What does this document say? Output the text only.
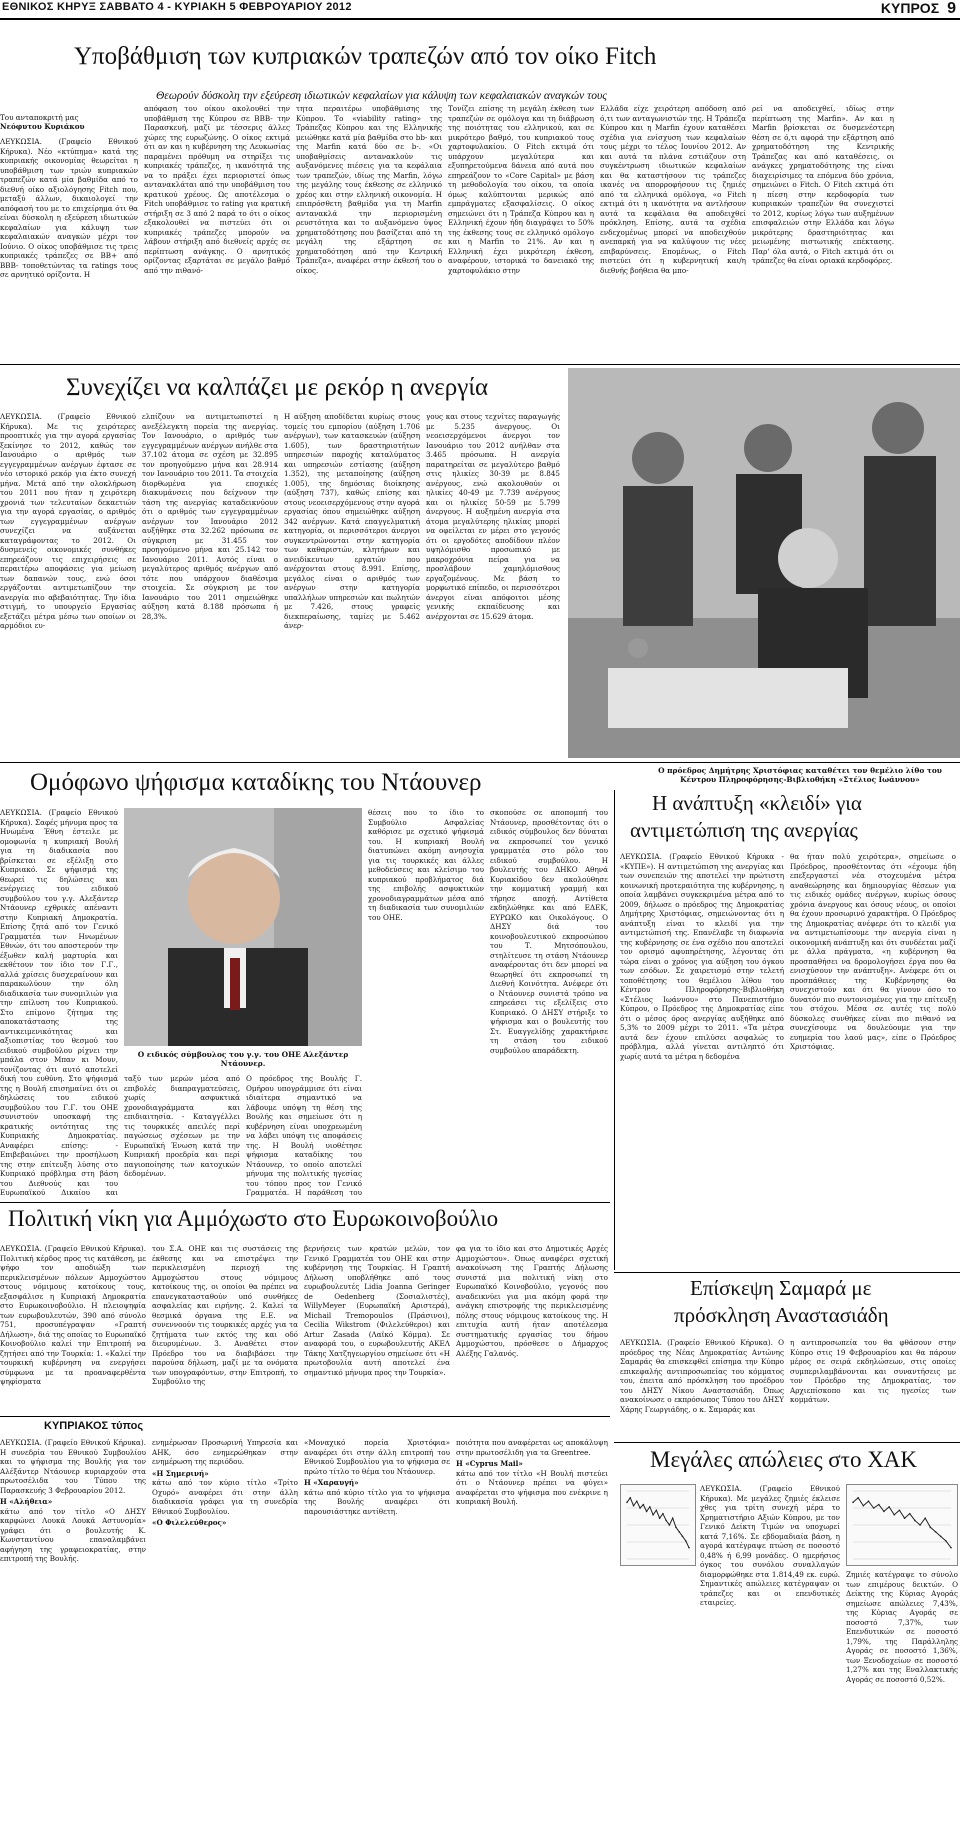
ΕΘΝΙΚΟΣ ΚΗΡΥΞ ΣΑΒΒΑΤΟ 4 - ΚΥΡΙΑΚΗ 5 ΦΕΒΡΟΥΑΡΙΟΥ 2012	ΚΥΠΡΟΣ 9
Υποβάθμιση των κυπριακών τραπεζών από τον οίκο Fitch
Θεωρούν δύσκολη την εξεύρεση ιδιωτικών κεφαλαίων για κάλυψη των κεφαλαιακών αναγκών τους
Του ανταποκριτή μας
Νεόφυτου Κυριάκου
ΛΕΥΚΩΣΙΑ. (Γραφείο Εθνικού Κήρυκα). Νέο «κτύπημα» κατά της κυπριακής οικονομίας θεωρείται η υποβάθμιση των τριών κυπριακών τραπεζών κατά μία βαθμίδα από το διεθνή οίκο αξιολόγησης Fitch που, μεταξύ άλλων, δικαιολογεί την απόφασή του με το επιχείρημα ότι θα είναι δύσκολη η εξεύρεση ιδιωτικών κεφαλαίων για κάλυψη των κεφαλαιακών αναγκών μέχρι τον Ιούνιο. Ο οίκος υποβάθμισε τις τρεις κυπριακές τράπεζες σε BB+ από BBB- τοποθετώντας τα ratings τους σε αρνητικό ορίζοντα. Η
απόφαση του οίκου ακολουθεί την υποβάθμιση της Κύπρου σε BBB- την Παρασκευή, μαζί με τέσσερις άλλες χώρες της ευρωζώνης. Ο οίκος εκτιμά ότι αν και η κυβέρνηση της Λευκωσίας παραμένει πρόθυμη να στηρίξει τις κυπριακές τράπεζες, η ικανότητά της να το πράξει έχει περιοριστεί όπως αντανακλάται από την υποβάθμιση του κρατικού χρέους. Ως αποτέλεσμα ο Fitch υποβάθμισε το rating για κρατική στήριξη σε 3 από 2 παρά το ότι ο οίκος εξακολουθεί να πιστεύει ότι οι κυπριακές τράπεζες μπορούν να λάβουν στήριξη από διεθνείς αρχές σε περίπτωση ανάγκης. Ο αρνητικός ορίζοντας εξαρτάται σε μεγάλο βαθμό από την πιθανό-
τητα περαιτέρω υποβάθμισης της Κύπρου. Το «viability rating» της Τράπεζας Κύπρου και της Ελληνικής μειώθηκε κατά μία βαθμίδα στο bb- και της Marfin κατά δύο σε b-. «Οι υποβαθμίσεις αντανακλούν τις αυξανόμενες πιέσεις για τα κεφάλαια των τραπεζών, ιδίως της Marfin, λόγω της μεγάλης τους έκθεσης σε ελληνικό χρέος και στην ελληνική οικονομία. Η επιπρόσθετη βαθμίδα για τη Marfin αντανακλά την περιορισμένη ρευστότητα και το αυξανόμενο ύψος χρηματοδότησης που βασίζεται από τη μεγάλη της εξάρτηση σε χρηματοδότηση από την Κεντρική Τράπεζα», αναφέρει στην έκθεσή του ο οίκος.
Τονίζει επίσης τη μεγάλη έκθεση των τραπεζών σε ομόλογα και τη διάβρωση της ποιότητας του ελληνικού, και σε μικρότερο βαθμό, του κυπριακού τους χαρτοφυλακίου. Ο Fitch εκτιμά ότι υπάρχουν μεγαλύτερα και εξυπηρετούμενα δάνεια από αυτά που επηρεάζουν το «Core Capital» με βάση τη μεθοδολογία του οίκου, τα οποία όμως καλύπτονται μερικώς από εμπράγματες εξασφαλίσεις. Ο οίκος σημειώνει ότι η Τράπεζα Κύπρου και η Ελληνική έχουν ήδη διαγράψει το 50% της έκθεσης τους σε ελληνικό ομόλογο και η Marfin το 21%. Αν και η Ελληνική έχει μικρότερη έκθεση, αναφέρουν, ιστορικά το δανειακό της χαρτοφυλάκιο στην
Ελλάδα είχε χειρότερη απόδοση από ό,τι των ανταγωνιστών της. Η Τράπεζα Κύπρου και η Marfin έχουν καταθέσει σχέδια για ενίσχυση των κεφαλαίων τους μέχρι το τέλος Ιουνίου 2012. Αν και αυτά τα πλάνα εστιάζουν στη συγκέντρωση ιδιωτικών κεφαλαίων και θα καταστήσουν τις τράπεζες ικανές να απορροφήσουν τις ζημιές από τα ελληνικά ομόλογα, «ο Fitch εκτιμά ότι η ικανότητα να αντλήσουν αυτά τα κεφάλαια θα αποδειχθεί πρόκληση. Επίσης, αυτά τα σχέδια ενδεχομένως μπορεί να αποδειχθούν ανεπαρκή για να καλύψουν τις νέες επιβαρύνσεις. Επομένως, ο Fitch πιστεύει ότι η κυβερνητική και/η διεθνής βοήθεια θα μπο-
ρεί να αποδειχθεί, ιδίως στην περίπτωση της Marfin». Αν και η Marfin βρίσκεται σε δυσμενέστερη θέση σε ό,τι αφορά την εξάρτηση από χρηματοδότηση της Κεντρικής Τράπεζας και από καταθέσεις, οι ανάγκες χρηματοδότησης της είναι διαχειρίσιμες τα επόμενα δύο χρόνια, σημειώνει ο Fitch. Ο Fitch εκτιμά ότι η πίεση στην κερδοφορία των κυπριακών τραπεζών θα συνεχιστεί το 2012, κυρίως λόγω των αυξημένων επισφαλειών στην Ελλάδα και λόγω μικρότερης δραστηριότητας και μειωμένης πιστωτικής επέκτασης. Παρ' όλα αυτά, ο Fitch εκτιμά ότι οι τράπεζες θα είναι οριακά κερδοφόρες.
Συνεχίζει να καλπάζει με ρεκόρ η ανεργία
ΛΕΥΚΩΣΙΑ. (Γραφείο Εθνικού Κήρυκα). Με τις χειρότερες προοπτικές για την αγορά εργασίας ξεκίνησε το 2012, καθώς τον Ιανουάριο ο αριθμός των εγγεγραμμένων ανέργων έφτασε σε νέο ιστορικό ρεκόρ για έκτο συνεχή μήνα. Μετά από την ολοκλήρωση του 2011 που ήταν η χειρότερη χρονιά των τελευταίων δεκαετιών για την αγορά εργασίας, ο αριθμός των εγγεγραμμένων ανέργων συνεχίζει να αυξάνεται καταγράφοντας το 2012. Οι δυσμενείς οικονομικές συνθήκες επηρεάζουν τις επιχειρήσεις σε περαιτέρω αποφάσεις για μείωση των δαπανών τους, ενώ όσοι εργάζονται αντιμετωπίζουν την ανεργία πιο αβεβαιότητας. Την ίδια στιγμή, το υπουργείο Εργασίας εξετάζει μέτρα μέσω των οποίων οι αρμόδιοι ευ-
ελπίζουν να αντιμετωπιστεί η ανεξέλεγκτη πορεία της ανεργίας. Τον Ιανουάριο, ο αριθμός των εγγεγραμμένων ανέργων ανήλθε στα 37.102 άτομα σε σχέση με 32.895 τον προηγούμενο μήνα και 28.914 τον Ιανουάριο του 2011. Τα στοιχεία διορθωμένα για εποχικές διακυμάνσεις που δείχνουν την τάση της ανεργίας καταδεικνύουν ότι ο αριθμός των εγγεγραμμένων ανέργων τον Ιανουάριο 2012 αυξήθηκε στα 32.262 πρόσωπα σε σύγκριση με 31.455 τον προηγούμενο μήνα και 25.142 τον Ιανουάριο 2011. Αυτός είναι ο μεγαλύτερος αριθμός ανέργων από τότε που υπάρχουν διαθέσιμα στοιχεία. Σε σύγκριση με τον Ιανουάριο του 2011 σημειώθηκε αύξηση κατά 8.188 πρόσωπα ή 28,3%.
Η αύξηση αποδίδεται κυρίως στους τομείς του εμπορίου (αύξηση 1.706 ανέργων), των κατασκευών (αύξηση 1.605), των δραστηριοτήτων υπηρεσιών παροχής καταλύματος και υπηρεσιών εστίασης (αύξηση 1.352), της μεταποίησης (αύξηση 1.005), της δημόσιας διοίκησης (αύξηση 737), καθώς επίσης και στους νεοεισερχόμενους στην αγορά εργασίας όπου σημειώθηκε αύξηση 342 ανέργων. Κατά επαγγελματική κατηγορία, οι περισσότεροι άνεργοι συγκεντρώνονται στην κατηγορία των καθαριστών, κλητήρων και ανειδίκευτων εργατών που ανέρχονται στους 8.991. Επίσης, μεγάλος είναι ο αριθμός των ανέργων στην κατηγορία υπαλλήλων υπηρεσιών και πωλητών με 7.426, στους γραφείς διεκπεραίωσης, ταμίες με 5.462 άνερ-
γους και στους τεχνίτες παραγωγής με 5.235 άνεργους. Οι νεοεισερχόμενοι άνεργοι τον Ιανουάριο του 2012 ανήλθαν στα 3.465 πρόσωπα. Η ανεργία παρατηρείται σε μεγαλύτερο βαθμό στις ηλικίες 30-39 με 8.845 ανέργους, ενώ ακολουθούν οι ηλικίες 40-49 με 7.739 ανέργους και οι ηλικίες 50-59 με 5.799 άνεργους. Η αυξημένη ανεργία στα άτομα μεγαλύτερης ηλικίας μπορεί να οφείλεται εν μέρει στο γεγονός ότι οι εργοδότες αποδίδουν πλέον υψηλόμισθο προσωπικό με μακροχρόνια πείρα για να προσλάβουν χαμηλόμισθους εργαζομένους. Με βάση το μορφωτικό επίπεδο, οι περισσότεροι άνεργοι είναι απόφοιτοι μέσης γενικής εκπαίδευσης και ανέρχονται σε 15.629 άτομα.
Ο πρόεδρος Δημήτρης Χριστόφιας καταθέτει τον θεμέλιο λίθο του Κέντρου Πληροφόρησης-Βιβλιοθήκη «Στέλιος Ιωάννου»
Ομόφωνο ψήφισμα καταδίκης του Ντάουνερ
ΛΕΥΚΩΣΙΑ. (Γραφείο Εθνικού Κήρυκα). Σαφές μήνυμα προς τα Ηνωμένα Έθνη έστειλε με ομοφωνία η κυπριακή Βουλή για τη διαδικασία που βρίσκεται σε εξέλιξη στο Κυπριακό. Σε ψήφισμά της θεωρεί τις δηλώσεις και ενέργειες του ειδικού συμβούλου του γ.γ. Αλεξάντερ Ντάουνερ εχθρικές απέναντι στην Κυπριακή Δημοκρατία. Επίσης ζητά από τον Γενικό Γραμματέα των Ηνωμένων Εθνών, ότι του αποστερούν την έξωθεν καλή μαρτυρία και εκθέτουν τον ίδιο τον Γ.Γ., αλλά χρίσεις δυσχεραίνουν και παρακωλύουν την όλη διαδικασία των συνομιλιών για την επίλυση του Κυπριακού. Στο επίμονο ζήτημα της αποκατάστασης της αντικειμενικότητας και αξιοπιστίας του θεσμού του ειδικού συμβούλου ρίχνει την μπάλα στον Μπαν κι Μουν, τονίζοντας ότι αυτό αποτελεί δική του ευθύνη. Στο ψήφισμά της η Βουλή επισημαίνει ότι οι δηλώσεις του ειδικού συμβούλου του Γ.Γ. του ΟΗΕ συνιστούν υποσκαφή της κρατικής οντότητας της Κυπριακής Δημοκρατίας. Αναφέρει επίσης: - Επιβεβαιώνει την προσήλωση της στην επίτευξη λύσης στο Κυπριακό πρόβλημα στη βάση του Διεθνούς και του Ευρωπαϊκού Δικαίου και
Ο ειδικός σύμβουλος του γ.γ. του ΟΗΕ Αλεξάντερ Ντάουνερ.
ταξύ των μερών μέσα από επιβολές διαπραγματεύσεις, χωρίς ασφυκτικά χρονοδιαγράμματα και επιδιαιτησία. - Καταγγέλλει τις τουρκικές απειλές περί παγώσεως σχέσεων με την Ευρωπαϊκή Ένωση κατά την Κυπριακή προεδρία και περί παγιοποίησης των κατοχικών δεδομένων.
Ο πρόεδρος της Βουλής Γ. Ομήρου υπογράμμισε ότι είναι ιδιαίτερα σημαντικό να λάβουμε υπόψη τη θέση της Βουλής και σημείωσε ότι η κυβέρνηση είναι υποχρεωμένη να λάβει υπόψη τις αποφάσεις της. Η Βουλή υιοθέτησε ψήφισμα καταδίκης του Ντάουνερ, το οποίο αποτελεί μήνυμα της πολιτικής ηγεσίας του τόπου προς τον Γενικό Γραμματέα. Η παράθεση του
θέσεις που το ίδιο το Συμβούλιο Ασφαλείας καθόρισε με σχετικό ψήφισμά του. Η κυπριακή Βουλή διατυπώνει ακόμη ανησυχία για τις τουρκικές και άλλες μεθοδεύσεις και κλείσιμο του κυπριακού προβλήματος διά της επιβολής ασφυκτικών χρονοδιαγραμμάτων μέσα από τη διαδικασία των συνομιλιών του ΟΗΕ.
σκοπούσε σε αποπομπή του Ντάουνερ, προσθέτοντας ότι ο ειδικός σύμβουλος δεν δύναται να εκπροσωπεί τον γενικό γραμματέα στο ρόλο του ειδικού συμβούλου. Η βουλευτής του ΔΗΚΟ Αθηνά Κυριακίδου δεν ακολούθησε την κομματική γραμμή και τήρησε αποχή. Αντίθετα εκδηλώθηκε και από ΕΔΕΚ, ΕΥΡΩΚΟ και Οικολόγους. Ο ΔΗΣΥ διά του κοινοβουλευτικού εκπροσώπου του Τ. Μητσόπουλου, στηλίτευσε τη στάση Ντάουνερ αναφέροντας ότι δεν μπορεί να θεωρηθεί ότι εκπροσωπεί τη Διεθνή Κοινότητα. Ανέφερε ότι ο Ντάουνερ συνιστά τρόπο να επηρεάσει τις εξελίξεις στο Κυπριακό. Ο ΔΗΣΥ στήριξε το ψήφισμα και ο βουλευτής του Στ. Ευαγγελίδης χαρακτήρισε τη στάση του ειδικού συμβούλου απαράδεκτη.
Η ανάπτυξη «κλειδί» για
αντιμετώπιση της ανεργίας
ΛΕΥΚΩΣΙΑ. (Γραφείο Εθνικού Κήρυκα - «ΚΥΠΕ»). Η αντιμετώπιση της ανεργίας και των συνεπειών της αποτελεί την πρώτιστη κοινωνική προτεραιότητα της κυβέρνησης, η οποία λαμβάνει συγκεκριμένα μέτρα από το 2009, δήλωσε ο πρόεδρος της Δημοκρατίας Δημήτρης Χριστόφιας, σημειώνοντας ότι η ανάπτυξη είναι το κλειδί για την αντιμετώπισή της. Επανέλαβε τη διαφωνία της κυβέρνησης σε ένα σχέδιο που αποτελεί τον ορισμό αφυπηρέτησης, λέγοντας ότι τώρα είναι ο χρόνος για αύξηση του όγκου των εσόδων. Σε χαιρετισμό στην τελετή τοποθέτησης του θεμέλιου λίθου του Κέντρου Πληροφόρησης-Βιβλιοθήκη «Στέλιος Ιωάννου» στο Πανεπιστήμιο Κύπρου, ο Πρόεδρος της Δημοκρατίας είπε ότι ο μέσος όρος ανεργίας αυξήθηκε από 5,3% το 2009 μέχρι το 2011. «Τα μέτρα αυτά δεν έχουν επιλύσει ασφαλώς το πρόβλημα, αλλά γίνεται αντιληπτό ότι χωρίς αυτά τα μέτρα η δεδομένα
θα ήταν πολύ χειρότερα», σημείωσε ο Πρόεδρος, προσθέτοντας ότι «έχουμε ήδη επεξεργαστεί νέα στοχευμένα μέτρα αναθεώρησης και δημιουργίας θέσεων για τις ειδικές ομάδες ανέργων, κυρίως όσους χρόνια άνεργους και όσους νέους, οι οποίοι θα έχουν προσωρινό χαρακτήρα. Ο Πρόεδρος της Δημοκρατίας ανέφερε ότι το κλειδί για να αντιμετωπίσουμε την ανεργία είναι η οικονομική ανάπτυξη και ότι συνδέεται μαζί με άλλα πράγματα, «η κυβέρνηση θα προσπαθήσει να δρομολογήσει έργα που θα ενισχύσουν την ανάπτυξη». Ανέφερε ότι οι προσπάθειες της Κυβέρνησης θα συνεχιστούν και ότι θα γίνουν όσο το δυνατόν πιο συντονισμένες για την επίτευξη του στόχου. Μέσα σε αυτές τις πολύ δύσκολες συνθήκες είναι πιο πιθανό να συνεχίσουμε να δουλεύουμε για την ευημερία του λαού μας», είπε ο Πρόεδρος Χριστόφιας.
Πολιτική νίκη για Αμμόχωστο στο Ευρωκοινοβούλιο
ΛΕΥΚΩΣΙΑ. (Γραφείο Εθνικού Κήρυκα). Πολιτική κέρδος προς τις κατάθεση, με ψήφο τον αποδιώξη των περικλεισμένων πόλεων Αμμοχώστου στους νόμιμους κατοίκους τους, εξασφάλισε η Κυπριακή Δημοκρατία στο Ευρωκοινοβούλιο. Η πλειοψηφία των ευρωβουλευτών, 390 από σύνολο 751, προσυπέγραψαν «Γραπτή Δήλωση», διά της οποίας το Ευρωπαϊκό Κοινοβούλιο καλεί την Επιτροπή να ζητήσει από την Τουρκία: 1. «Καλεί την τουρκική κυβέρνηση να ενεργήσει σύμφωνα με τα προαναφερθέντα ψηφίσματα
του Σ.Α. ΟΗΕ και τις συστάσεις της έκθεσης και να επιστρέψει την περικλεισμένη περιοχή της Αμμοχώστου στους νόμιμους κατοίκους της, οι οποίοι θα πρέπει να επανεγκατασταθούν υπό συνθήκες ασφαλείας και ειρήνης. 2. Καλεί τα θεσμικά όργανα της Ε.Ε. να συνεννοούν τις τουρκικές αρχές για τα ζητήματα των εκτός της και οδό διευρυμένων. 3. Αναθέτει στον Πρόεδρο του να διαβιβάσει την παρούσα δήλωση, μαζί με τα ονόματα των υπογραφόντων, στην Επιτροπή, το Συμβούλιο της
βερνήσεις των κρατών μελών, τον Γενικό Γραμματέα του ΟΗΕ και στην κυβέρνηση της Τουρκίας. Η Γραπτή Δήλωση υποβλήθηκε από τους ευρωβουλευτές Lidia Joanna Geringer de Oedenberg (Σοσιαλιστές), WillyMeyer (Ευρωπαϊκή Αριστερά), Michail Tremopoulos (Πράσινοι), Cecilia Wikstrom (Φιλελεύθεροι) και Artur Zasada (Λαϊκό Κόμμα). Σε αναφορά του, ο ευρωβουλευτής ΑΚΕΛ Τάκης Χατζηγεωργίου σημείωσε ότι «Η πρωτοβουλία αυτή αποτελεί ένα σημαντικό μήνυμα προς την Τουρκία».
φα για το ίδιο και στο Δημοτικές Αρχές Αμμοχώστου». Όπως αναφέρει σχετική ανακοίνωση της Γραπτής Δήλωσης συνιστά μια πολιτική νίκη στο Ευρωπαϊκό Κοινοβούλιο, γεγονός που αναδεικνύει για μια ακόμη φορά την ανάγκη επιστροφής της περικλεισμένης πόλης στους νόμιμους κατοίκους της. Η επιτυχία αυτή ήταν αποτέλεσμα συστηματικής εργασίας του δήμου Αμμοχώστου, πρόσθεσε ο Δήμαρχος Αλέξης Γαλανός.
ΚΥΠΡΙΑΚΟΣ τύπος
ΛΕΥΚΩΣΙΑ. (Γραφείο Εθνικού Κήρυκα). Η συνεδρία του Εθνικού Συμβουλίου και το ψήφισμα της Βουλής για τον Αλέξάντερ Ντάουνερ κυριαρχούν στα πρωτοσέλιδα του Τύπου της Παρασκευής 3 Φεβρουαρίου 2012.
Η «Αλήθεια»
κάτω από τον τίτλο «Ο ΔΗΣΥ καρφώνει Λουκά Λουκά Αστυνομία» γράφει ότι ο βουλευτής Κ. Κωνσταντίνου επαναλαμβάνει αφήγηση της γραφειοκρατίας, στην επιτροπή της Βουλής.
ενημέρωσαν Προσωρινή Υπηρεσία και ΑΗΚ, όσο ενημερώθηκαν στην ενημέρωση της περιόδου.
«Η Σημερινή»
κάτω από τον κύριο τίτλο «Τρίτο Οχυρό» αναφέρει ότι στην άλλη διαδικασία γράφει για τη συνεδρία Εθνικού Συμβουλίου.
«Ο Φιλελεύθερος»
«Μοναχικό πορεία Χριστόφια» αναφέρει ότι στην άλλη επιτροπή του Εθνικού Συμβουλίου για το ψήφισμα σε πρώτο τίτλο το θέμα του Ντάουνερ.
Η «Χαραυγή»
κάτω από κύριο τίτλο για το ψήφισμα της Βουλής αναφέρει ότι παρουσιάστηκε αντίθετη.
ποιότητα που αναφέρεται ως αποκάλυψη στην πρωτοσέλιδη για τα Greentree.
Η «Cyprus Mail»
κάτω από τον τίτλο «Η Βουλή πιστεύει ότι ο Ντάουνερ πρέπει να φύγει» αναφέρεται στο ψήφισμα που ενέκρινε η κυπριακή Βουλή.
Επίσκεψη Σαμαρά με
πρόσκληση Αναστασιάδη
ΛΕΥΚΩΣΙΑ. (Γραφείο Εθνικού Κήρυκα). Ο πρόεδρος της Νέας Δημοκρατίας Αντώνης Σαμαράς θα επισκεφθεί επίσημα την Κύπρο επικεφαλής αντιπροσωπείας του κόμματος του, έπειτα από πρόσκληση του προέδρου του ΔΗΣΥ Νίκου Αναστασιάδη. Όπως ανακοίνωσε ο εκπρόσωπος Τύπου του ΔΗΣΥ Χάρης Γεωργιάδης, ο κ. Σαμαράς και
η αντιπροσωπεία του θα φθάσουν στην Κύπρο στις 19 Φεβρουαρίου και θα πάρουν μέρος σε σειρά εκδηλώσεων, στις οποίες συμπεριλαμβάνονται και συναντήσεις με τον Πρόεδρο της Δημοκρατίας, τον Αρχιεπίσκοπο και τις ηγεσίες των κομμάτων.
Μεγάλες απώλειες στο ΧΑΚ
ΛΕΥΚΩΣΙΑ. (Γραφείο Εθνικού Κήρυκα). Με μεγάλες ζημιές έκλεισε χθες για τρίτη συνεχή μέρα το Χρηματιστήριο Αξιών Κύπρου, με τον Γενικό Δείκτη Τιμών να υποχωρεί κατά 7,16%. Σε εβδομαδιαία βάση, η αγορά κατέγραψε πτώση σε ποσοστό 0,48% ή 6,99 μονάδες. Ο ημερήσιος όγκος του συνόλου συναλλαγών διαμορφώθηκε στα 1.814,49 εκ. ευρώ. Σημαντικές απώλειες κατέγραψαν οι τράπεζες και οι επενδυτικές εταιρείες.
Ζημιές κατέγραψε το σύνολο των επιμέρους δεικτών. Ο Δείκτης της Κύριας Αγοράς σημείωσε απώλειες 7,43%, της Κύριας Αγοράς σε ποσοστό 7,37%, των Επενδυτικών σε ποσοστό 1,79%, της Παράλληλης Αγοράς σε ποσοστό 1,36%, των Ξενοδοχείων σε ποσοστό 1,27% και της Εναλλακτικής Αγοράς σε ποσοστό 0,52%.
